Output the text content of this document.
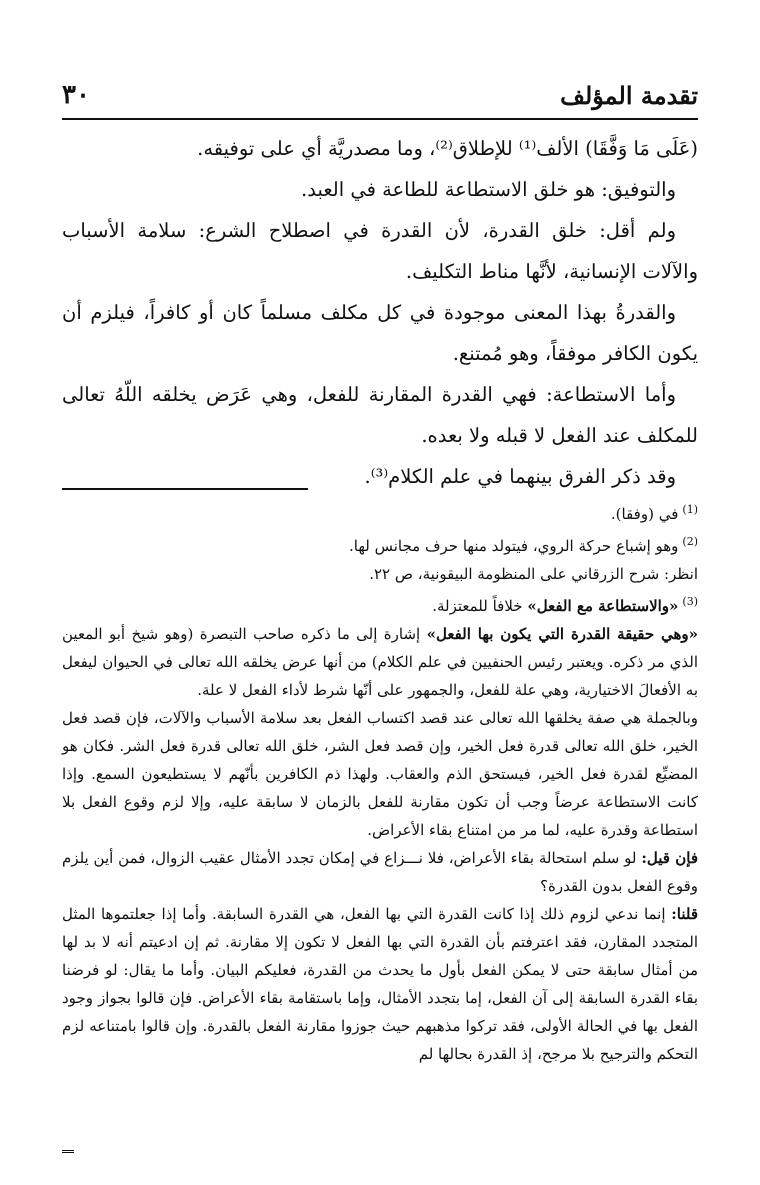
٣٠	تقدمة المؤلف

(عَلَى مَا وَفَّقَا) الألف⁽¹⁾ للإطلاق⁽²⁾، وما مصدريَّة أي على توفيقه.

والتوفيق: هو خلق الاستطاعة للطاعة في العبد.

ولم أقل: خلق القدرة، لأن القدرة في اصطلاح الشرع: سلامة الأسباب والآلات الإنسانية، لأنَّها مناط التكليف.

والقدرةُ بهذا المعنى موجودة في كل مكلف مسلماً كان أو كافراً، فيلزم أن يكون الكافر موفقاً، وهو مُمتنع.

وأما الاستطاعة: فهي القدرة المقارنة للفعل، وهي عَرَض يخلقه اللّهُ تعالى للمكلف عند الفعل لا قبله ولا بعده.

وقد ذكر الفرق بينهما في علم الكلام⁽³⁾.

$^{(1)}$في (وفقا).

$^{(2)}$وهو إشباع حركة الروي، فيتولد منها حرف مجانس لها.

انظر: شرح الزرقاني على المنظومة البيقونية، ص ٢٢.

$^{(3)}$«والاستطاعة مع الفعل» خلافاً للمعتزلة.

«وهي حقيقة القدرة التي يكون بها الفعل» إشارة إلى ما ذكره صاحب التبصرة (وهو شيخ أبو المعين الذي مر ذكره. ويعتبر رئيس الحنفيين في علم الكلام) من أنها عرض يخلقه الله تعالى في الحيوان ليفعل به الأفعالَ الاختيارية، وهي علة للفعل، والجمهور على أنّها شرط لأداء الفعل لا علة.

وبالجملة هي صفة يخلقها الله تعالى عند قصد اكتساب الفعل بعد سلامة الأسباب والآلات، فإن قصد فعل الخير، خلق الله تعالى قدرة فعل الخير، وإن قصد فعل الشر، خلق الله تعالى قدرة فعل الشر. فكان هو المضيِّع لقدرة فعل الخير، فيستحق الذم والعقاب. ولهذا ذم الكافرين بأنّهم لا يستطيعون السمع. وإذا كانت الاستطاعة عرضاً وجب أن تكون مقارنة للفعل بالزمان لا سابقة عليه، وإلا لزم وقوع الفعل بلا استطاعة وقدرة عليه، لما مر من امتناع بقاء الأعراض.

فإن قيل: لو سلم استحالة بقاء الأعراض، فلا نـــزاع في إمكان تجدد الأمثال عقيب الزوال، فمن أين يلزم وقوع الفعل بدون القدرة؟

قلنا: إنما ندعي لزوم ذلك إذا كانت القدرة التي بها الفعل، هي القدرة السابقة. وأما إذا جعلتموها المثل المتجدد المقارن، فقد اعترفتم بأن القدرة التي بها الفعل لا تكون إلا مقارنة. ثم إن ادعيتم أنه لا بد لها من أمثال سابقة حتى لا يمكن الفعل بأول ما يحدث من القدرة، فعليكم البيان. وأما ما يقال: لو فرضنا بقاء القدرة السابقة إلى آن الفعل، إما بتجدد الأمثال، وإما باستقامة بقاء الأعراض. فإن قالوا بجواز وجود الفعل بها في الحالة الأولى، فقد تركوا مذهبهم حيث جوزوا مقارنة الفعل بالقدرة. وإن قالوا بامتناعه لزم التحكم والترجيح بلا مرجح، إذ القدرة بحالها لم
